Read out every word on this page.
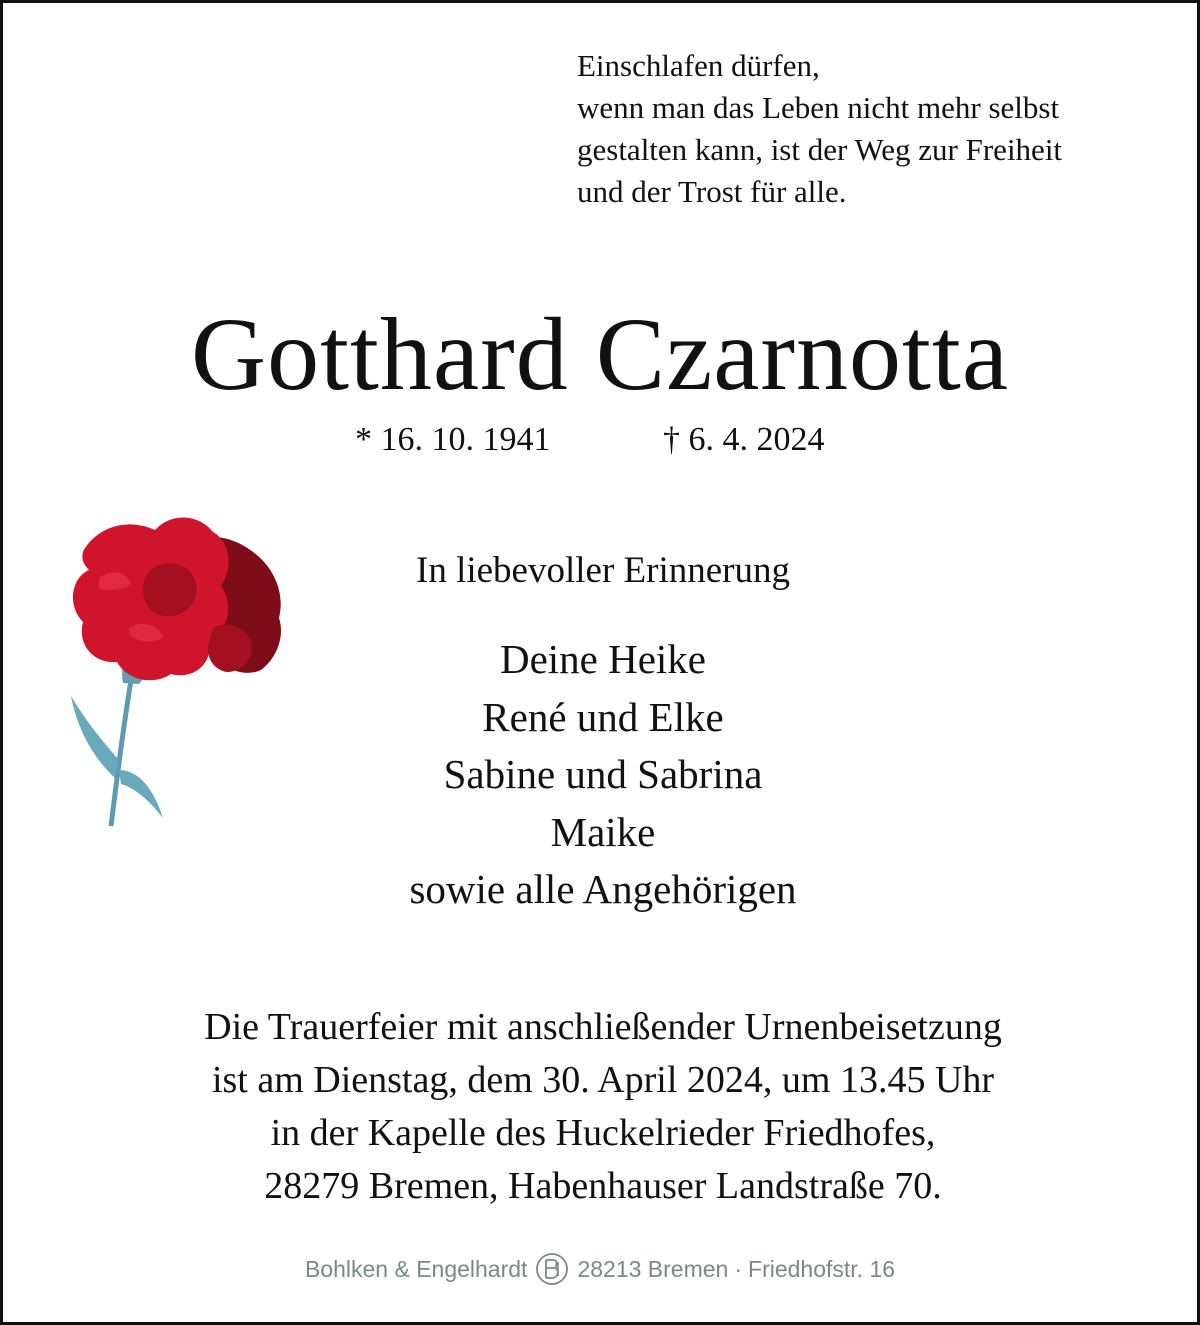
Einschlafen dürfen,
wenn man das Leben nicht mehr selbst
gestalten kann, ist der Weg zur Freiheit
und der Trost für alle.
Gotthard Czarnotta
* 16. 10. 1941	† 6. 4. 2024
In liebevoller Erinnerung
Deine Heike
René und Elke
Sabine und Sabrina
Maike
sowie alle Angehörigen
Die Trauerfeier mit anschließender Urnenbeisetzung
ist am Dienstag, dem 30. April 2024, um 13.45 Uhr
in der Kapelle des Huckelrieder Friedhofes,
28279 Bremen, Habenhauser Landstraße 70.
Bohlken & Engelhardt 28213 Bremen · Friedhofstr. 16
